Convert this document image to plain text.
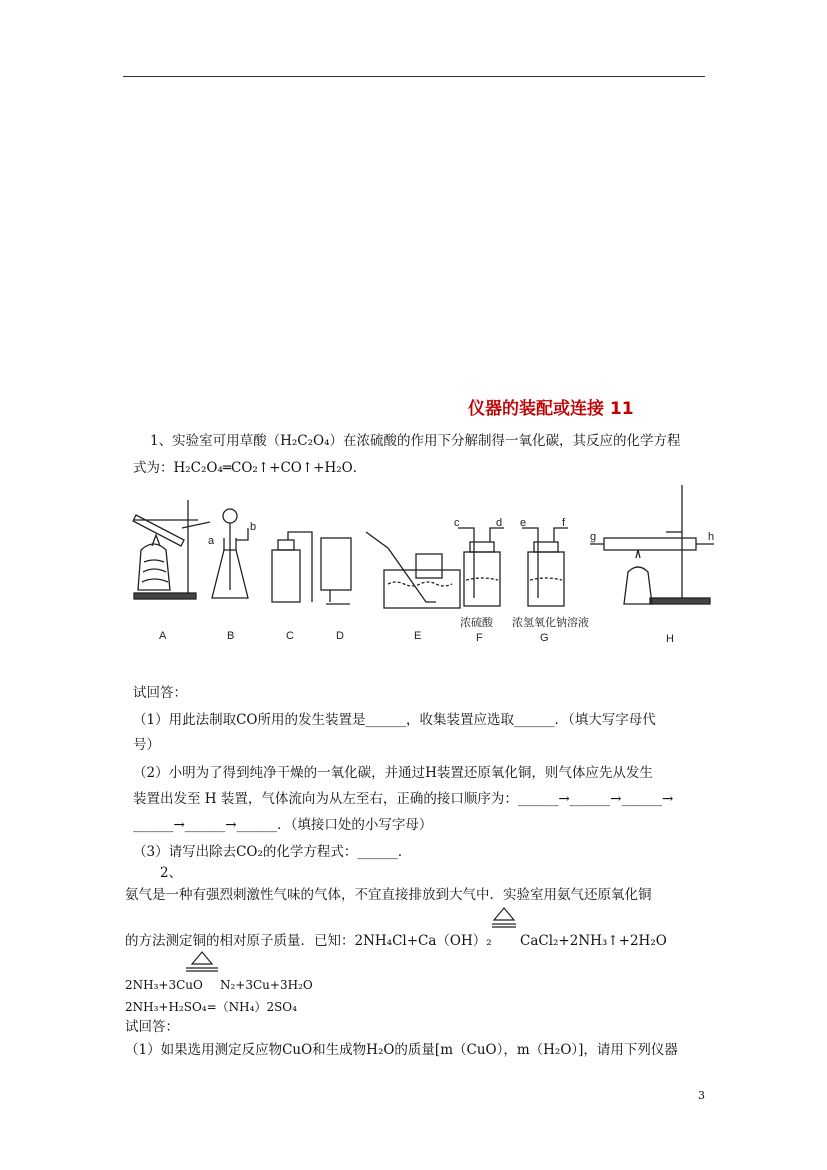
仪器的装配或连接 11
1、实验室可用草酸（H₂C₂O₄）在浓硫酸的作用下分解制得一氧化碳，其反应的化学方程
式为：H₂C₂O₄═CO₂↑+CO↑+H₂O．
a
b	c	d e	f
g	h
浓硫酸 浓氢氧化钠溶液
A	B	C	D	E	F	G	H
试回答：
（1）用此法制取CO所用的发生装置是______，收集装置应选取______．（填大写字母代
号）
（2）小明为了得到纯净干燥的一氧化碳，并通过H装置还原氧化铜，则气体应先从发生
装置出发至 H 装置，气体流向为从左至右，正确的接口顺序为：______→______→______→
______→______→______．（填接口处的小写字母）
（3）请写出除去CO₂的化学方程式：______．
2、
氨气是一种有强烈刺激性气味的气体，不宜直接排放到大气中．实验室用氨气还原氧化铜
的方法测定铜的相对原子质量．已知：2NH₄Cl+Ca（OH）₂ CaCl₂+2NH₃↑+2H₂O
2NH₃+3CuO N₂+3Cu+3H₂O
2NH₃+H₂SO₄=（NH₄）2SO₄
试回答：
（1）如果选用测定反应物CuO和生成物H₂O的质量[m（CuO），m（H₂O）]，请用下列仪器
3
